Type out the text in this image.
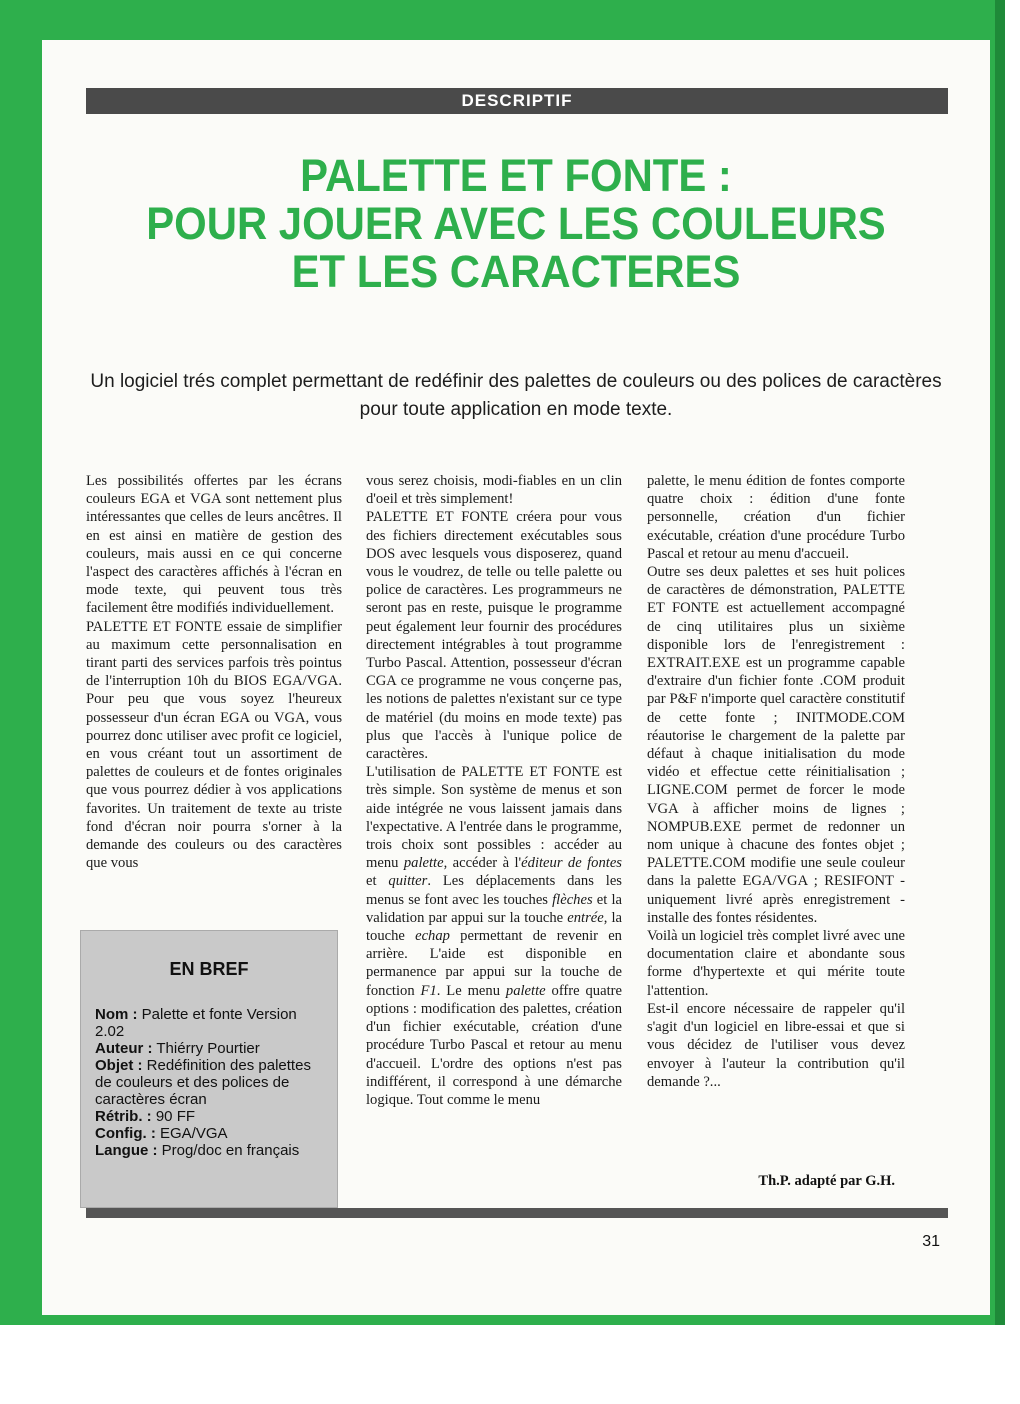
DESCRIPTIF
PALETTE ET FONTE :
POUR JOUER AVEC LES COULEURS
ET LES CARACTERES
Un logiciel trés complet permettant de redéfinir des palettes de couleurs ou des polices de caractères pour toute application en mode texte.

Les possibilités offertes par les écrans couleurs EGA et VGA sont nettement plus intéressantes que celles de leurs ancêtres. Il en est ainsi en matière de gestion des couleurs, mais aussi en ce qui concerne l'aspect des caractères affichés à l'écran en mode texte, qui peuvent tous très facilement être modifiés individuellement.

PALETTE ET FONTE essaie de simplifier au maximum cette personnalisation en tirant parti des services parfois très pointus de l'interruption 10h du BIOS EGA/VGA. Pour peu que vous soyez l'heureux possesseur d'un écran EGA ou VGA, vous pourrez donc utiliser avec profit ce logiciel, en vous créant tout un assortiment de palettes de couleurs et de fontes originales que vous pourrez dédier à vos applications favorites. Un traitement de texte au triste fond d'écran noir pourra s'orner à la demande des couleurs ou des caractères que vous

EN BREF

Nom : Palette et fonte Version 2.02

Auteur : Thiérry Pourtier

Objet : Redéfinition des palettes de couleurs et des polices de caractères écran

Rétrib. : 90 FF

Config. : EGA/VGA

Langue : Prog/doc en français

vous serez choisis, modi-fiables en un clin d'oeil et très simplement!

PALETTE ET FONTE créera pour vous des fichiers directement exécutables sous DOS avec lesquels vous disposerez, quand vous le voudrez, de telle ou telle palette ou police de caractères. Les programmeurs ne seront pas en reste, puisque le programme peut également leur fournir des procédures directement intégrables à tout programme Turbo Pascal. Attention, possesseur d'écran CGA ce programme ne vous conçerne pas, les notions de palettes n'existant sur ce type de matériel (du moins en mode texte) pas plus que l'accès à l'unique police de caractères.

L'utilisation de PALETTE ET FONTE est très simple. Son système de menus et son aide intégrée ne vous laissent jamais dans l'expectative. A l'entrée dans le programme, trois choix sont possibles : accéder au menu palette, accéder à l'éditeur de fontes et quitter. Les déplacements dans les menus se font avec les touches flèches et la validation par appui sur la touche entrée, la touche echap permettant de revenir en arrière. L'aide est disponible en permanence par appui sur la touche de fonction F1. Le menu palette offre quatre options : modification des palettes, création d'un fichier exécutable, création d'une procédure Turbo Pascal et retour au menu d'accueil. L'ordre des options n'est pas indifférent, il correspond à une démarche logique. Tout comme le menu

palette, le menu édition de fontes comporte quatre choix : édition d'une fonte personnelle, création d'un fichier exécutable, création d'une procédure Turbo Pascal et retour au menu d'accueil.

Outre ses deux palettes et ses huit polices de caractères de démonstration, PALETTE ET FONTE est actuellement accompagné de cinq utilitaires plus un sixième disponible lors de l'enregistrement : EXTRAIT.EXE est un programme capable d'extraire d'un fichier fonte .COM produit par P&F n'importe quel caractère constitutif de cette fonte ; INITMODE.COM réautorise le chargement de la palette par défaut à chaque initialisation du mode vidéo et effectue cette réinitialisation ; LIGNE.COM permet de forcer le mode VGA à afficher moins de lignes ; NOMPUB.EXE permet de redonner un nom unique à chacune des fontes objet ; PALETTE.COM modifie une seule couleur dans la palette EGA/VGA ; RESIFONT - uniquement livré après enregistrement - installe des fontes résidentes.

Voilà un logiciel très complet livré avec une documentation claire et abondante sous forme d'hypertexte et qui mérite toute l'attention.

Est-il encore nécessaire de rappeler qu'il s'agit d'un logiciel en libre-essai et que si vous décidez de l'utiliser vous devez envoyer à l'auteur la contribution qu'il demande ?...

Th.P. adapté par G.H.
31
